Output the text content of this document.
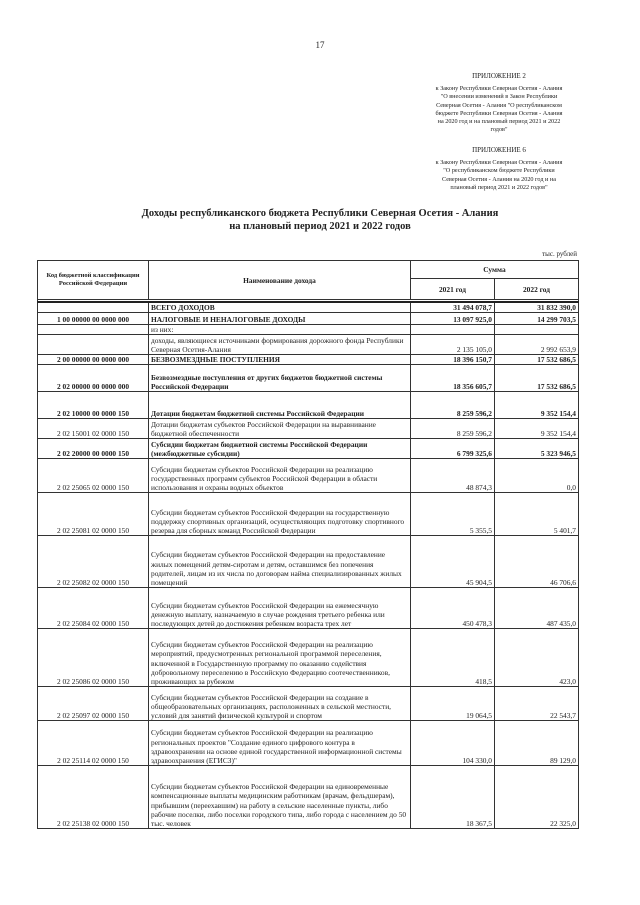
17
ПРИЛОЖЕНИЕ 2
к Закону Республики Северная Осетия - Алания
"О внесении изменений в Закон Республики
Северная Осетия - Алания "О республиканском
бюджете Республики Северная Осетия - Алания
на 2020 год и на плановый период 2021 и 2022
годов"
ПРИЛОЖЕНИЕ 6
к Закону Республики Северная Осетия - Алания
"О республиканском бюджете Республики
Северная Осетия - Алания на 2020 год и на
плановый период 2021 и 2022 годов"
Доходы республиканского бюджета Республики Северная Осетия - Алания
на плановый период 2021 и 2022 годов
тыс. рублей
Код бюджетной классификации Российской Федерации	Наименование дохода	Сумма	
		2021 год	2022 год

	ВСЕГО ДОХОДОВ	31 494 078,7	31 832 390,0
1 00 00000 00 0000 000	НАЛОГОВЫЕ И НЕНАЛОГОВЫЕ ДОХОДЫ	13 097 925,0	14 299 703,5
	из них:		
	доходы, являющиеся источниками формирования дорожного фонда Республики Северная Осетия-Алания	2 135 105,0	2 992 653,9
2 00 00000 00 0000 000	БЕЗВОЗМЕЗДНЫЕ ПОСТУПЛЕНИЯ	18 396 150,7	17 532 686,5
2 02 00000 00 0000 000	Безвозмездные поступления от других бюджетов бюджетной системы Российской Федерации	18 356 605,7	17 532 686,5
2 02 10000 00 0000 150	Дотации бюджетам бюджетной системы Российской Федерации	8 259 596,2	9 352 154,4
2 02 15001 02 0000 150	Дотации бюджетам субъектов Российской Федерации на выравнивание бюджетной обеспеченности	8 259 596,2	9 352 154,4
2 02 20000 00 0000 150	Субсидии бюджетам бюджетной системы Российской Федерации (межбюджетные субсидии)	6 799 325,6	5 323 946,5
2 02 25065 02 0000 150	Субсидии бюджетам субъектов Российской Федерации на реализацию государственных программ субъектов Российской Федерации в области использования и охраны водных объектов	48 874,3	0,0
2 02 25081 02 0000 150	Субсидии бюджетам субъектов Российской Федерации на государственную поддержку спортивных организаций, осуществляющих подготовку спортивного резерва для сборных команд Российской Федерации	5 355,5	5 401,7
2 02 25082 02 0000 150	Субсидии бюджетам субъектов Российской Федерации на предоставление жилых помещений детям-сиротам и детям, оставшимся без попечения родителей, лицам из их числа по договорам найма специализированных жилых помещений	45 904,5	46 706,6
2 02 25084 02 0000 150	Субсидии бюджетам субъектов Российской Федерации на ежемесячную денежную выплату, назначаемую в случае рождения третьего ребенка или последующих детей до достижения ребенком возраста трех лет	450 478,3	487 435,0
2 02 25086 02 0000 150	Субсидии бюджетам субъектов Российской Федерации на реализацию мероприятий, предусмотренных региональной программой переселения, включенной в Государственную программу по оказанию содействия добровольному переселению в Российскую Федерацию соотечественников, проживающих за рубежом	418,5	423,0
2 02 25097 02 0000 150	Субсидии бюджетам субъектов Российской Федерации на создание в общеобразовательных организациях, расположенных в сельской местности, условий для занятий физической культурой и спортом	19 064,5	22 543,7
2 02 25114 02 0000 150	Субсидии бюджетам субъектов Российской Федерации на реализацию региональных проектов "Создание единого цифрового контура в здравоохранении на основе единой государственной информационной системы здравоохранения (ЕГИСЗ)"	104 330,0	89 129,0
2 02 25138 02 0000 150	Субсидии бюджетам субъектов Российской Федерации на единовременные компенсационные выплаты медицинским работникам (врачам, фельдшерам), прибывшим (переехавшим) на работу в сельские населенные пункты, либо рабочие поселки, либо поселки городского типа, либо города с населением до 50 тыс. человек	18 367,5	22 325,0
